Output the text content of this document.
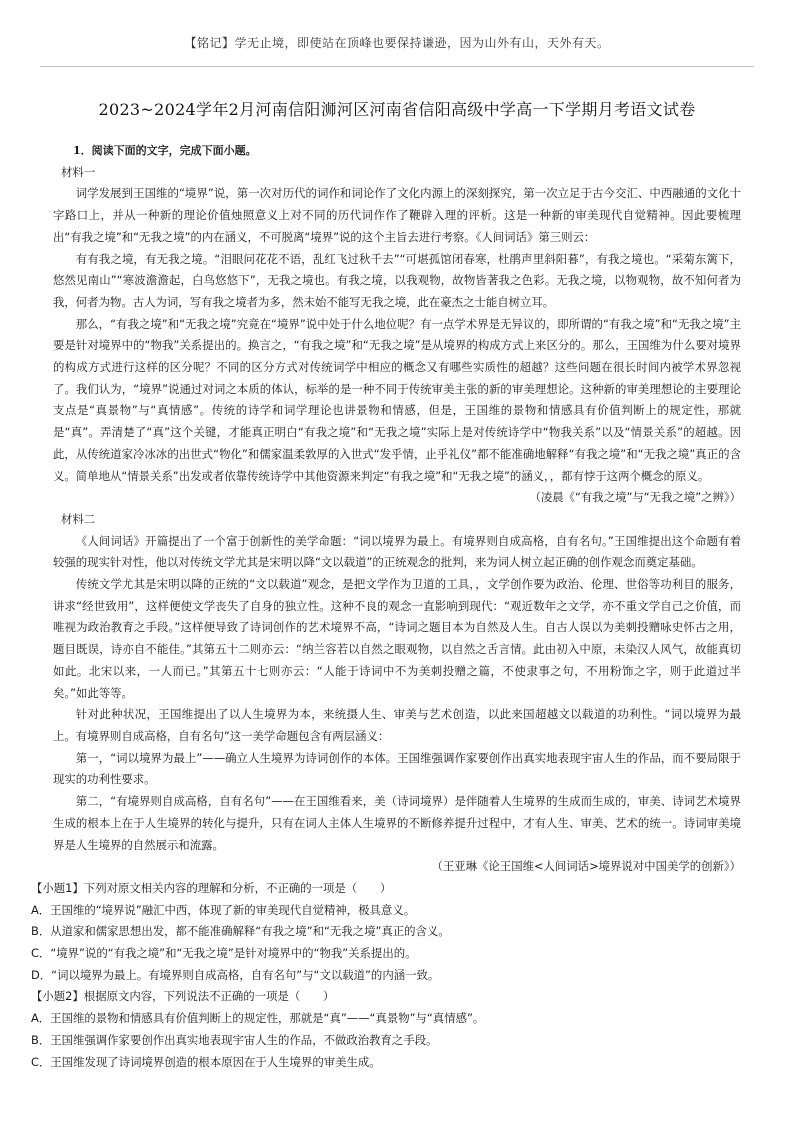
【铭记】学无止境，即使站在顶峰也要保持谦逊，因为山外有山，天外有天。
2023~2024学年2月河南信阳浉河区河南省信阳高级中学高一下学期月考语文试卷

1．阅读下面的文字，完成下面小题。

材料一

词学发展到王国维的“境界”说，第一次对历代的词作和词论作了文化内源上的深刻探究，第一次立足于古今交汇、中西融通的文化十字路口上，并从一种新的理论价值烛照意义上对不同的历代词作作了鞭辟入理的评析。这是一种新的审美现代自觉精神。因此要梳理出“有我之境”和“无我之境”的内在涵义，不可脱离“境界”说的这个主旨去进行考察。《人间词话》第三则云：

有有我之境，有无我之境。“泪眼问花花不语，乱红飞过秋千去”“可堪孤馆闭春寒，杜鹃声里斜阳暮”，有我之境也。“采菊东篱下，悠然见南山”“寒波澹澹起，白鸟悠悠下”，无我之境也。有我之境，以我观物，故物皆著我之色彩。无我之境，以物观物，故不知何者为我，何者为物。古人为词，写有我之境者为多，然未始不能写无我之境，此在豪杰之士能自树立耳。

那么，“有我之境”和“无我之境”究竟在“境界”说中处于什么地位呢？有一点学术界是无异议的，即所谓的“有我之境”和“无我之境”主要是针对境界中的“物我”关系提出的。换言之，“有我之境”和“无我之境”是从境界的构成方式上来区分的。那么，王国维为什么要对境界的构成方式进行这样的区分呢？不同的区分方式对传统词学中相应的概念又有哪些实质性的超越？这些问题在很长时间内被学术界忽视了。我们认为，“境界”说通过对词之本质的体认，标举的是一种不同于传统审美主张的新的审美理想论。这种新的审美理想论的主要理论支点是“真景物”与“真情感”。传统的诗学和词学理论也讲景物和情感，但是，王国维的景物和情感具有价值判断上的规定性，那就是“真”。弄清楚了“真”这个关键，才能真正明白“有我之境”和“无我之境”实际上是对传统诗学中“物我关系”以及“情景关系”的超越。因此，从传统道家冷冰冰的出世式“物化”和儒家温柔敦厚的入世式“发乎情，止乎礼仪”都不能准确地解释“有我之境”和“无我之境”真正的含义。简单地从“情景关系”出发或者依靠传统诗学中其他资源来判定“有我之境”和“无我之境”的涵义，，都有悖于这两个概念的原义。

（凌晨《“有我之境”与“无我之境”之辨》）

材料二

《人间词话》开篇提出了一个富于创新性的美学命题：“词以境界为最上。有境界则自成高格，自有名句。”王国维提出这个命题有着较强的现实针对性，他以对传统文学尤其是宋明以降“文以载道”的正统观念的批判，来为词人树立起正确的创作观念而奠定基础。

传统文学尤其是宋明以降的正统的“文以载道”观念，是把文学作为卫道的工具，，文学创作要为政治、伦理、世俗等功利目的服务，讲求“经世致用”，这样便使文学丧失了自身的独立性。这种不良的观念一直影响到现代：“观近数年之文学，亦不重文学自己之价值，而唯视为政治教育之手段。”这样便导致了诗词创作的艺术境界不高，“诗词之题目本为自然及人生。自古人误以为美刺投赠咏史怀古之用，题目既误，诗亦自不能佳。”其第五十二则亦云：“纳兰容若以自然之眼观物，以自然之舌言情。此由初入中原，未染汉人风气，故能真切如此。北宋以来，一人而已。”其第五十七则亦云：“人能于诗词中不为美刺投赠之篇，不使隶事之句，不用粉饰之字，则于此道过半矣。”如此等等。

针对此种状况，王国维提出了以人生境界为本，来统摄人生、审美与艺术创造，以此来国超越文以载道的功利性。“词以境界为最上。有境界则自成高格，自有名句”这一美学命题包含有两层涵义：

第一，“词以境界为最上”——确立人生境界为诗词创作的本体。王国维强调作家要创作出真实地表现宇宙人生的作品，而不要局限于现实的功利性要求。

第二，“有境界则自成高格，自有名句”——在王国维看来，美（诗词境界）是伴随着人生境界的生成而生成的，审美、诗词艺术境界生成的根本上在于人生境界的转化与提升，只有在词人主体人生境界的不断修养提升过程中，才有人生、审美、艺术的统一。诗词审美境界是人生境界的自然展示和流露。

（王亚琳《论王国维<人间词话>境界说对中国美学的创新》）

【小题1】下列对原文相关内容的理解和分析，不正确的一项是（　　）

A．王国维的“境界说”融汇中西，体现了新的审美现代自觉精神，极具意义。

B．从道家和儒家思想出发，都不能准确解释“有我之境”和“无我之境”真正的含义。

C．“境界”说的“有我之境”和“无我之境”是针对境界中的“物我”关系提出的。

D．“词以境界为最上。有境界则自成高格，自有名句”与“文以载道”的内涵一致。

【小题2】根据原文内容，下列说法不正确的一项是（　　）

A．王国维的景物和情感具有价值判断上的规定性，那就是“真”——“真景物”与“真情感”。

B．王国维强调作家要创作出真实地表现宇宙人生的作品，不做政治教育之手段。

C．王国维发现了诗词境界创造的根本原因在于人生境界的审美生成。
